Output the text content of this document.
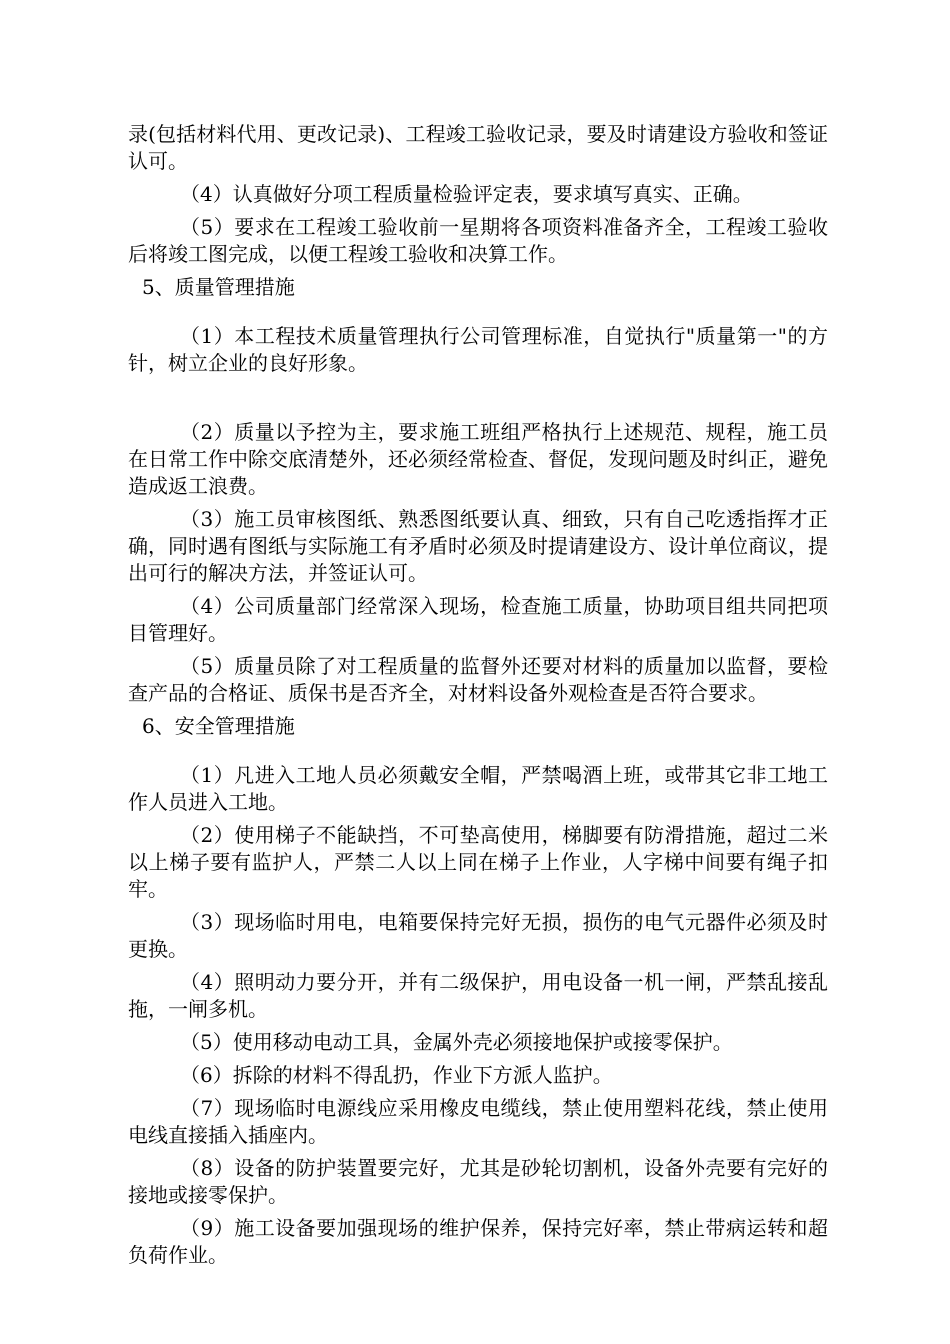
录(包括材料代用、更改记录)、工程竣工验收记录，要及时请建设方验收和签证认可。

（4）认真做好分项工程质量检验评定表，要求填写真实、正确。

（5）要求在工程竣工验收前一星期将各项资料准备齐全，工程竣工验收后将竣工图完成，以便工程竣工验收和决算工作。

5、质量管理措施

（1）本工程技术质量管理执行公司管理标准，自觉执行"质量第一"的方针，树立企业的良好形象。

（2）质量以予控为主，要求施工班组严格执行上述规范、规程，施工员在日常工作中除交底清楚外，还必须经常检查、督促，发现问题及时纠正，避免造成返工浪费。

（3）施工员审核图纸、熟悉图纸要认真、细致，只有自己吃透指挥才正确，同时遇有图纸与实际施工有矛盾时必须及时提请建设方、设计单位商议，提出可行的解决方法，并签证认可。

（4）公司质量部门经常深入现场，检查施工质量，协助项目组共同把项目管理好。

（5）质量员除了对工程质量的监督外还要对材料的质量加以监督，要检查产品的合格证、质保书是否齐全，对材料设备外观检查是否符合要求。

6、安全管理措施

（1）凡进入工地人员必须戴安全帽，严禁喝酒上班，或带其它非工地工作人员进入工地。

（2）使用梯子不能缺挡，不可垫高使用，梯脚要有防滑措施，超过二米以上梯子要有监护人，严禁二人以上同在梯子上作业，人字梯中间要有绳子扣牢。

（3）现场临时用电，电箱要保持完好无损，损伤的电气元器件必须及时更换。

（4）照明动力要分开，并有二级保护，用电设备一机一闸，严禁乱接乱拖，一闸多机。

（5）使用移动电动工具，金属外壳必须接地保护或接零保护。

（6）拆除的材料不得乱扔，作业下方派人监护。

（7）现场临时电源线应采用橡皮电缆线，禁止使用塑料花线，禁止使用电线直接插入插座内。

（8）设备的防护装置要完好，尤其是砂轮切割机，设备外壳要有完好的接地或接零保护。

（9）施工设备要加强现场的维护保养，保持完好率，禁止带病运转和超负荷作业。
